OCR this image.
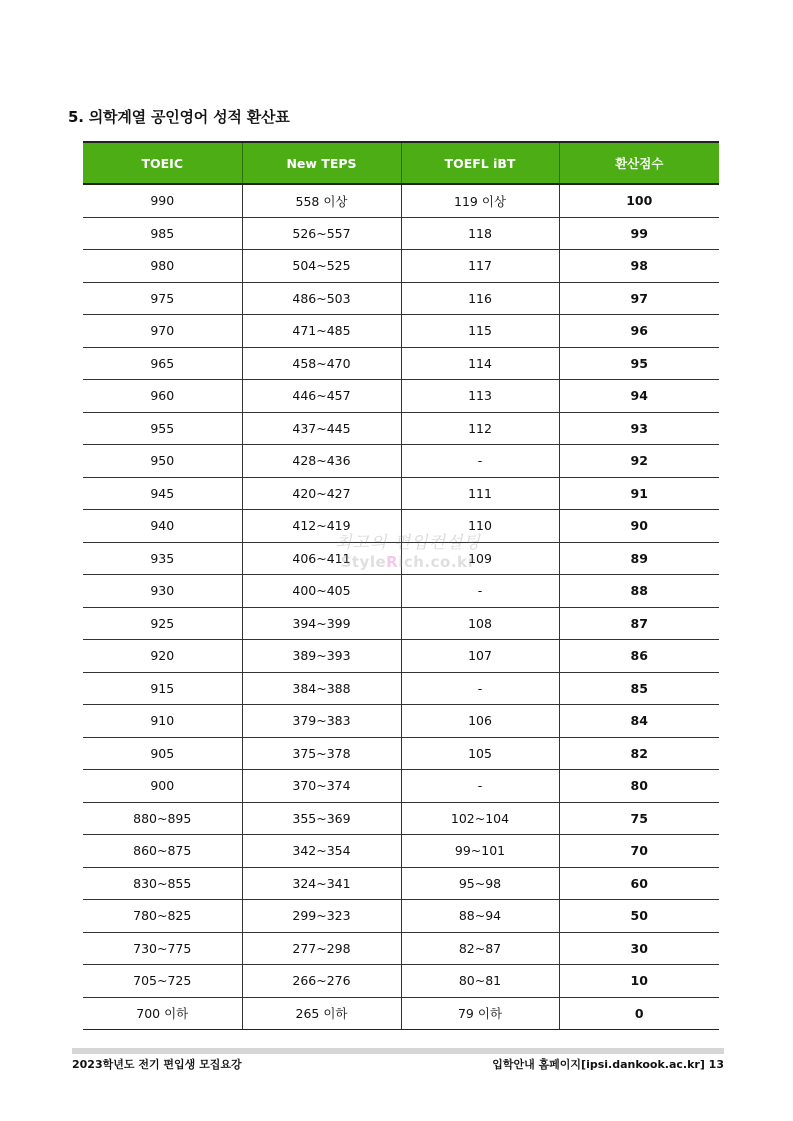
5. 의학계열 공인영어 성적 환산표
TOEIC	New TEPS	TOEFL iBT	환산점수
990	558 이상	119 이상	100
985	526~557	118	99
980	504~525	117	98
975	486~503	116	97
970	471~485	115	96
965	458~470	114	95
960	446~457	113	94
955	437~445	112	93
950	428~436	-	92
945	420~427	111	91
940	412~419	110	90
935	406~411	109	89
930	400~405	-	88
925	394~399	108	87
920	389~393	107	86
915	384~388	-	85
910	379~383	106	84
905	375~378	105	82
900	370~374	-	80
880~895	355~369	102~104	75
860~875	342~354	99~101	70
830~855	324~341	95~98	60
780~825	299~323	88~94	50
730~775	277~298	82~87	30
705~725	266~276	80~81	10
700 이하	265 이하	79 이하	0
최고의 편입컨설팅
StyleRich.co.kr
2023학년도 전기 편입생 모집요강	입학안내 홈페이지[ipsi.dankook.ac.kr] 13
